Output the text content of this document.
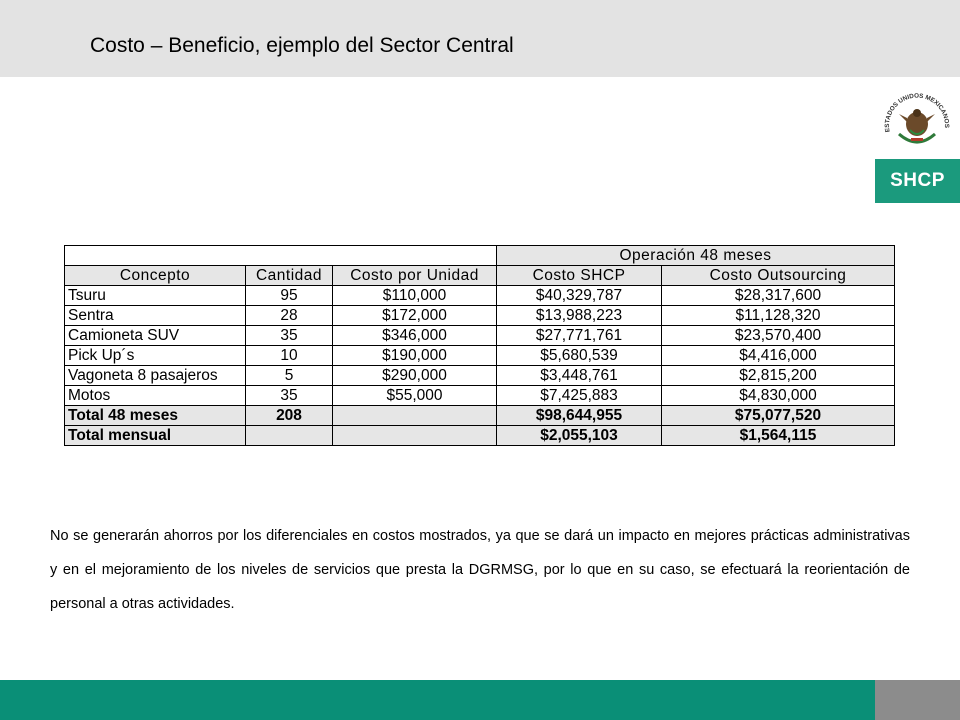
Costo – Beneficio, ejemplo del Sector Central
ESTADOS UNIDOS MEXICANOS
SHCP
			Operación 48 meses	
Concepto	Cantidad	Costo por Unidad	Costo SHCP	Costo Outsourcing
Tsuru	95	$110,000	$40,329,787	$28,317,600
Sentra	28	$172,000	$13,988,223	$11,128,320
Camioneta SUV	35	$346,000	$27,771,761	$23,570,400
Pick Up´s	10	$190,000	$5,680,539	$4,416,000
Vagoneta 8 pasajeros	5	$290,000	$3,448,761	$2,815,200
Motos	35	$55,000	$7,425,883	$4,830,000
Total 48 meses	208		$98,644,955	$75,077,520
Total mensual			$2,055,103	$1,564,115
No se generarán ahorros por los diferenciales en costos mostrados, ya que se dará un impacto en mejores prácticas administrativas y en el mejoramiento de los niveles de servicios que presta la DGRMSG, por lo que en su caso, se efectuará la reorientación de personal a otras actividades.
